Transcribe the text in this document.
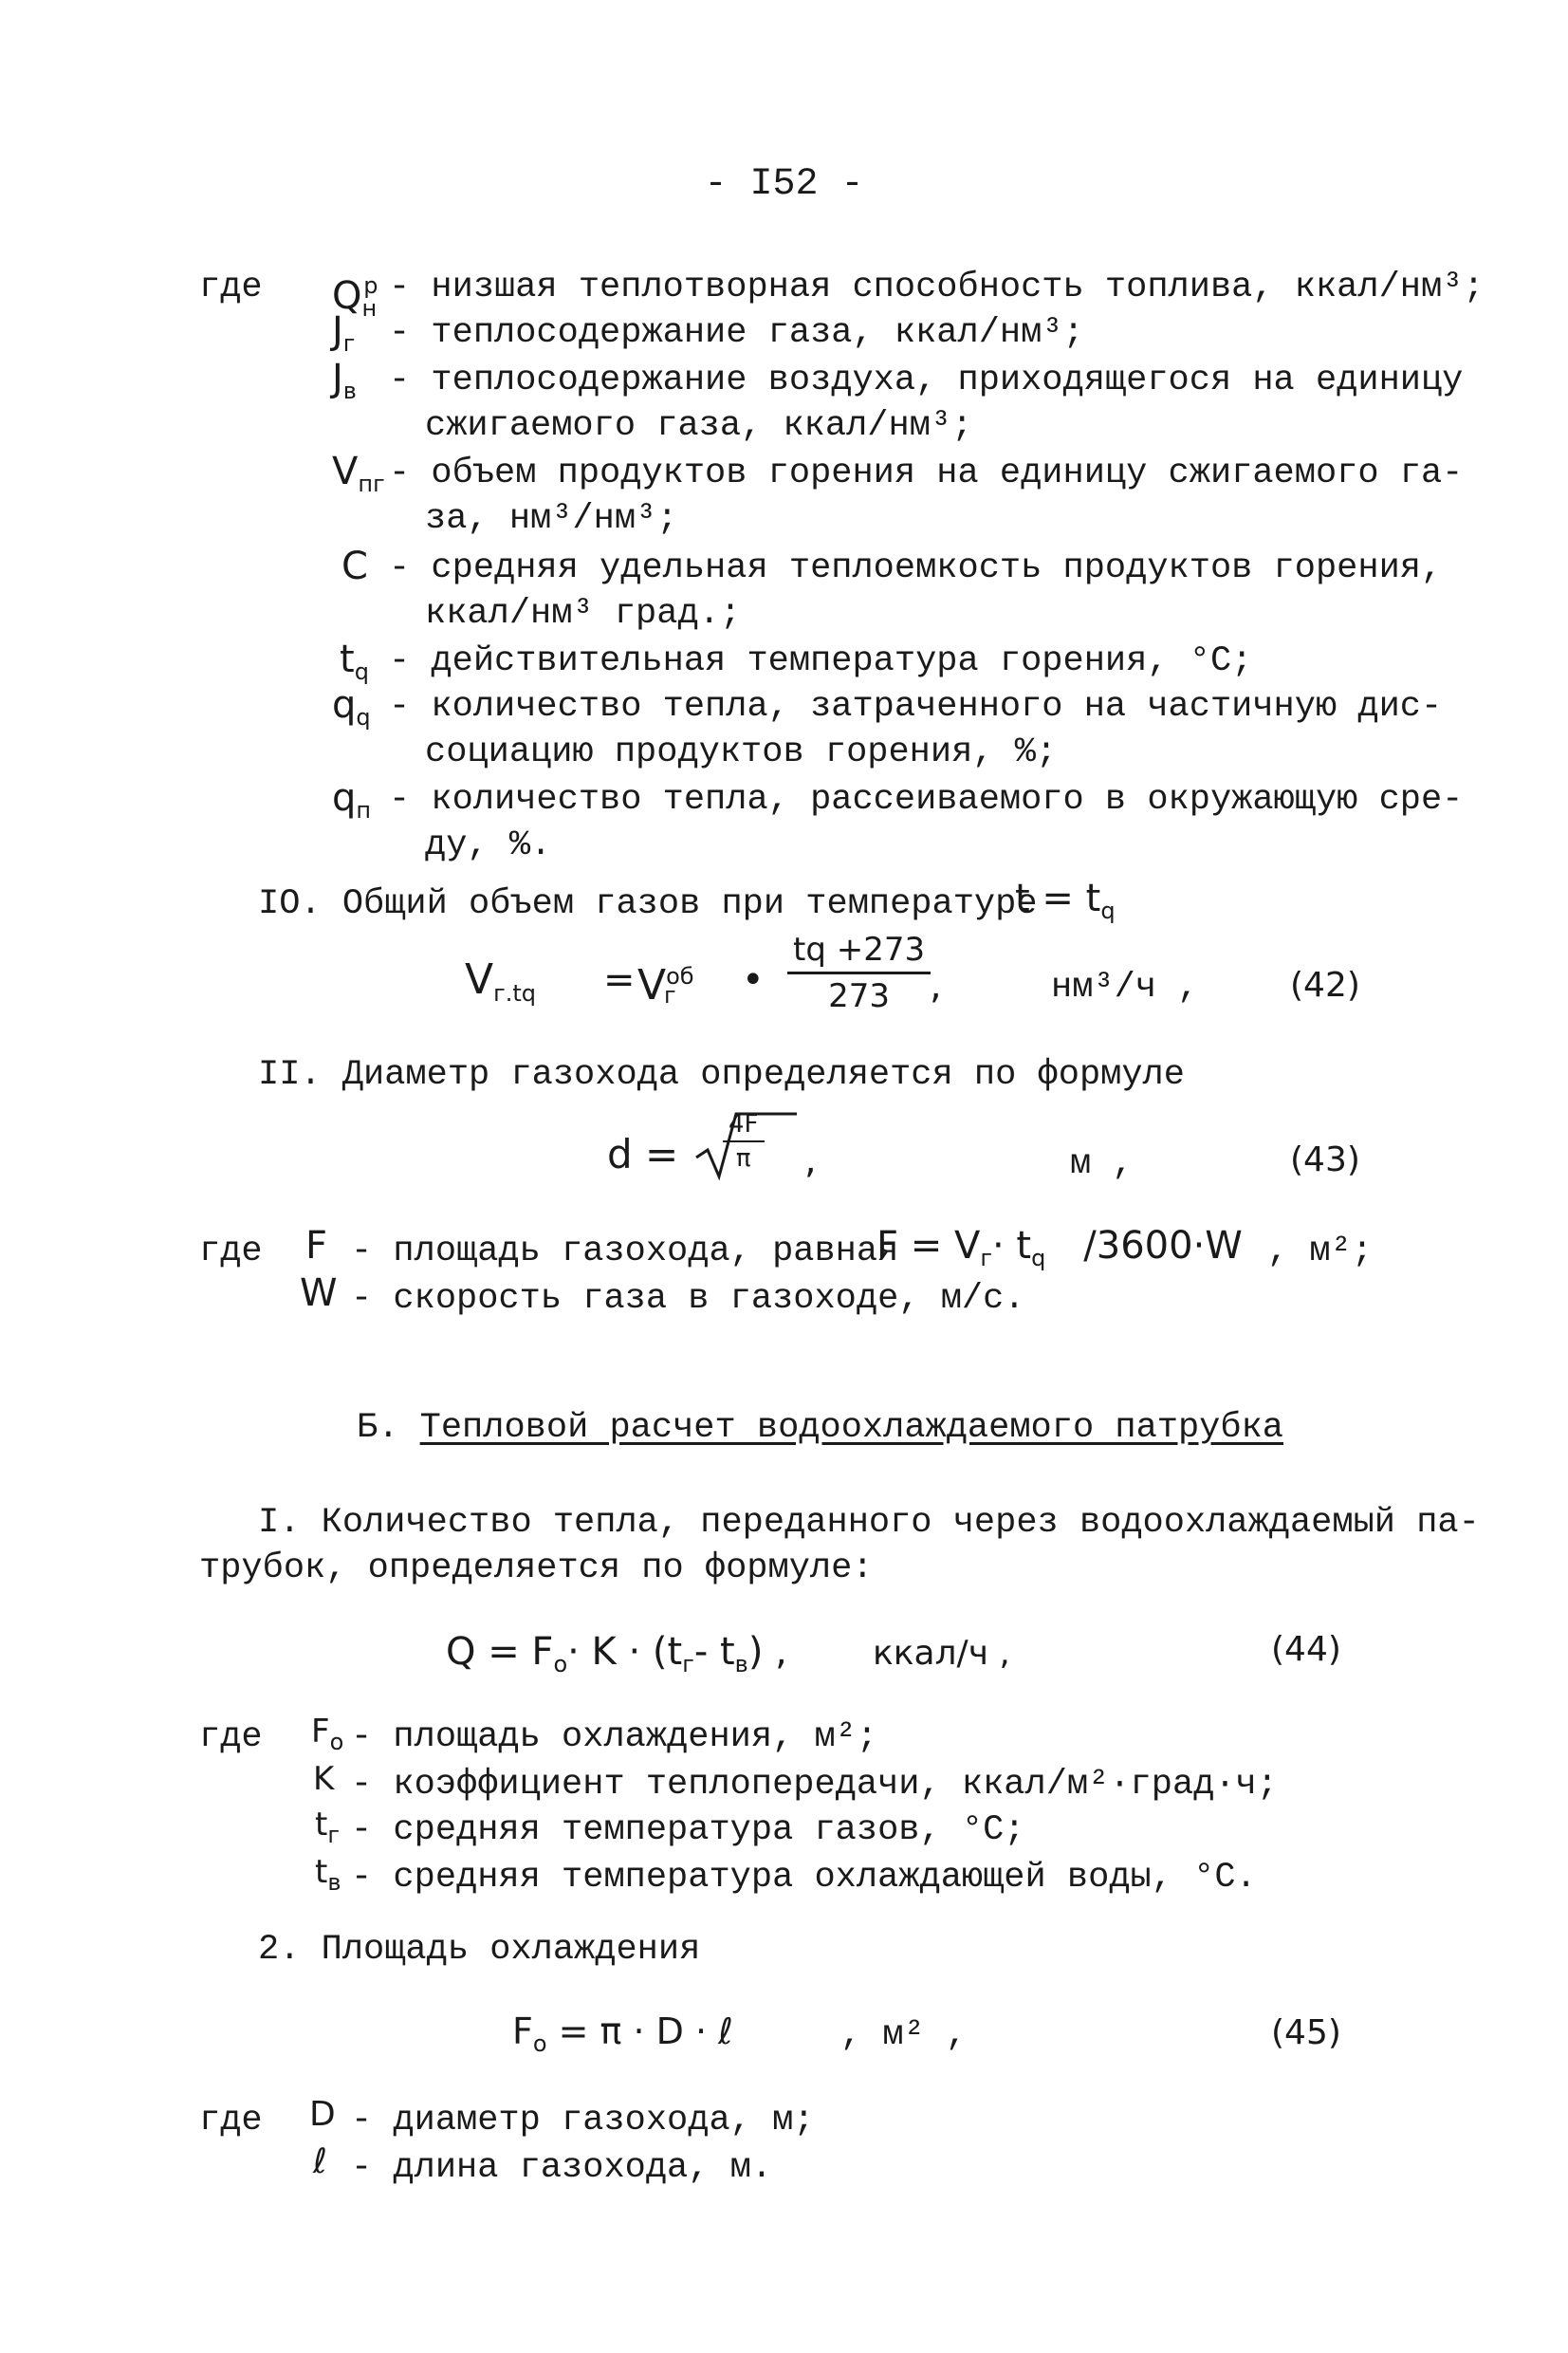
- I52 -
где $Q_н^р$ - низшая теплотворная способность топлива, ккал/нм³;
$J_г$ - теплосодержание газа, ккал/нм³;
$J_в$ - теплосодержание воздуха, приходящегося на единицу
сжигаемого газа, ккал/нм³;
$V_{пг}$ - объем продуктов горения на единицу сжигаемого га-
за, нм³/нм³;
C - средняя удельная теплоемкость продуктов горения,
ккал/нм³ град.;
$t_q$ - действительная температура горения, °С;
$q_q$ - количество тепла, затраченного на частичную дис-
социацию продуктов горения, %;
$q_п$ - количество тепла, рассеиваемого в окружающую сре-
ду, %.
IO. Общий объем газов при температуре
$t = t_q$
$V_{г.tq} = V^{об}$
г • $\frac{tq +273}{273}$
,	нм³/ч ,	(42)
II. Диаметр газохода определяется по формуле
$d = \frac{4F}{\pi}$ ,	м ,	(43)
где F - площадь газохода, равная
$F = V_г\cdot t_q$ /3600·W , м²;
W - скорость газа в газоходе, м/с.
Б. Тепловой расчет водоохлаждаемого патрубка
I. Количество тепла, переданного через водоохлаждаемый па-
трубок, определяется по формуле:
$Q = F_o\cdot K \cdot (t_г-$ $t_в$) ,	ккал/ч ,	(44)
где $F_o$ - площадь охлаждения, м²;
K - коэффициент теплопередачи, ккал/м²·град·ч;
$t_г$ - средняя температура газов, °С;
$t_в$ - средняя температура охлаждающей воды, °С.
2. Площадь охлаждения
$F_o = \pi \cdot D$ · ℓ	, м² ,	(45)
где D - диаметр газохода, м;
ℓ - длина газохода, м.
